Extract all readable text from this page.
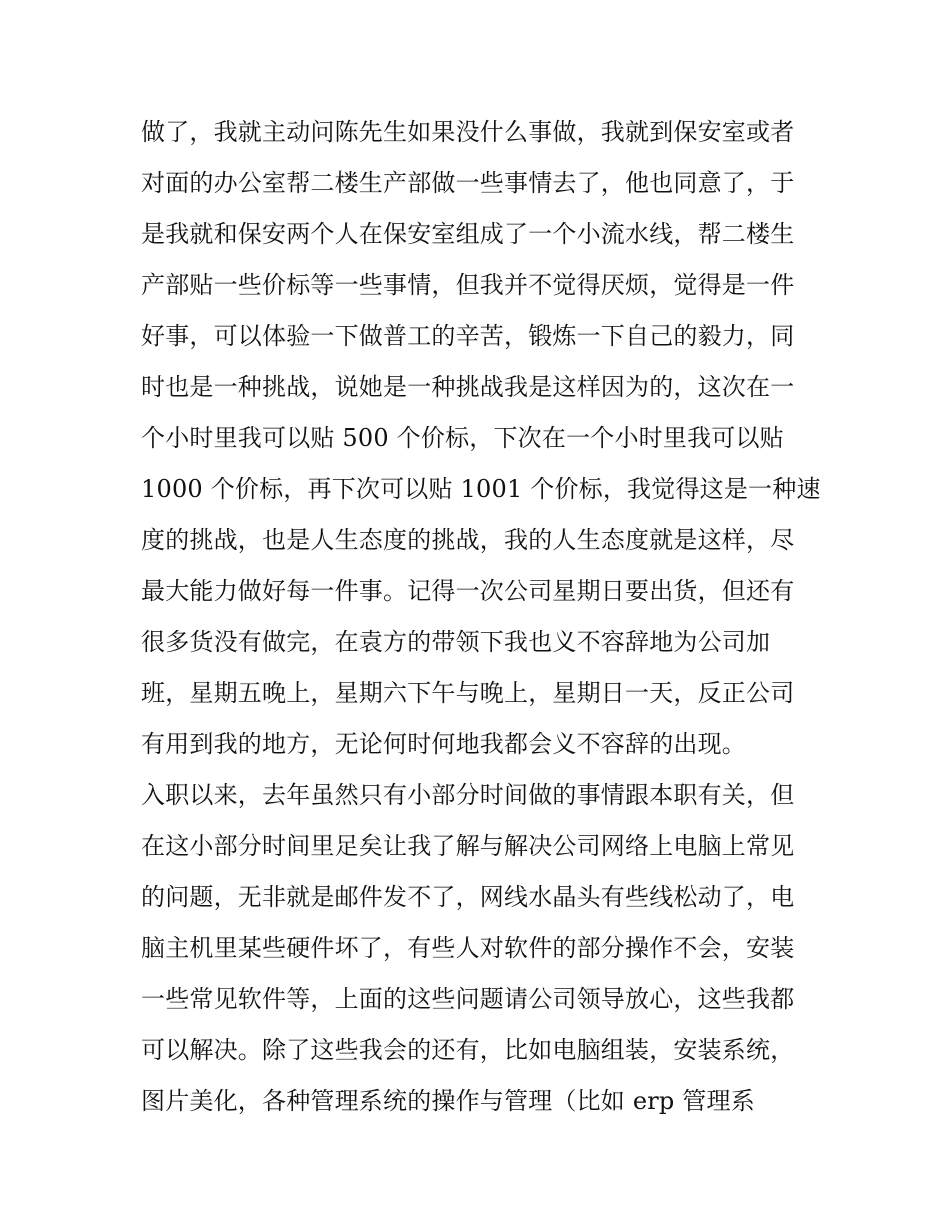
做了，我就主动问陈先生如果没什么事做，我就到保安室或者
对面的办公室帮二楼生产部做一些事情去了，他也同意了，于
是我就和保安两个人在保安室组成了一个小流水线，帮二楼生
产部贴一些价标等一些事情，但我并不觉得厌烦，觉得是一件
好事，可以体验一下做普工的辛苦，锻炼一下自己的毅力，同
时也是一种挑战，说她是一种挑战我是这样因为的，这次在一
个小时里我可以贴 500 个价标，下次在一个小时里我可以贴
1000 个价标，再下次可以贴 1001 个价标，我觉得这是一种速
度的挑战，也是人生态度的挑战，我的人生态度就是这样，尽
最大能力做好每一件事。记得一次公司星期日要出货，但还有
很多货没有做完，在袁方的带领下我也义不容辞地为公司加
班，星期五晚上，星期六下午与晚上，星期日一天，反正公司
有用到我的地方，无论何时何地我都会义不容辞的出现。
入职以来，去年虽然只有小部分时间做的事情跟本职有关，但
在这小部分时间里足矣让我了解与解决公司网络上电脑上常见
的问题，无非就是邮件发不了，网线水晶头有些线松动了，电
脑主机里某些硬件坏了，有些人对软件的部分操作不会，安装
一些常见软件等，上面的这些问题请公司领导放心，这些我都
可以解决。除了这些我会的还有，比如电脑组装，安装系统，
图片美化，各种管理系统的操作与管理（比如 erp 管理系
